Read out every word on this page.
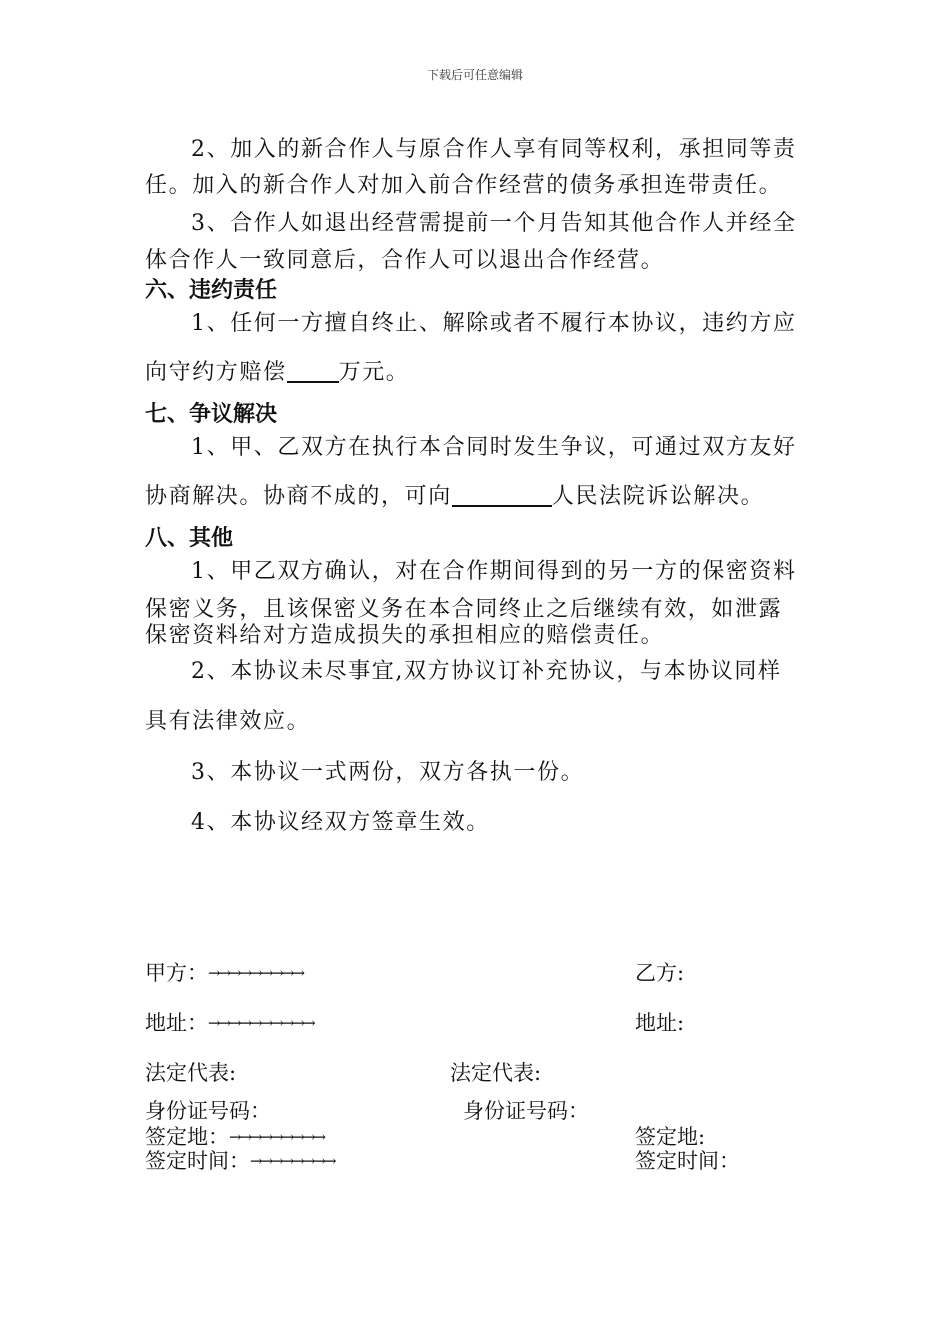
下载后可任意编辑
2、加入的新合作人与原合作人享有同等权利，承担同等责
任。加入的新合作人对加入前合作经营的债务承担连带责任。
3、合作人如退出经营需提前一个月告知其他合作人并经全
体合作人一致同意后，合作人可以退出合作经营。
六、违约责任
1、任何一方擅自终止、解除或者不履行本协议，违约方应
向守约方赔偿 万元。
七、争议解决
1、甲、乙双方在执行本合同时发生争议，可通过双方友好
协商解决。协商不成的，可向	人民法院诉讼解决。
八、其他
1、甲乙双方确认，对在合作期间得到的另一方的保密资料
保密义务，且该保密义务在本合同终止之后继续有效，如泄露
保密资料给对方造成损失的承担相应的赔偿责任。
2、本协议未尽事宜,双方协议订补充协议，与本协议同样
具有法律效应。
3、本协议一式两份，双方各执一份。
4、本协议经双方签章生效。
甲方：→→→→→→→→→	乙方:
地址：→→→→→→→→→→	地址:
法定代表:	法定代表:
身份证号码：	身份证号码：
签定地：→→→→→→→→→	签定地:
签定时间：→→→→→→→→	签定时间：
